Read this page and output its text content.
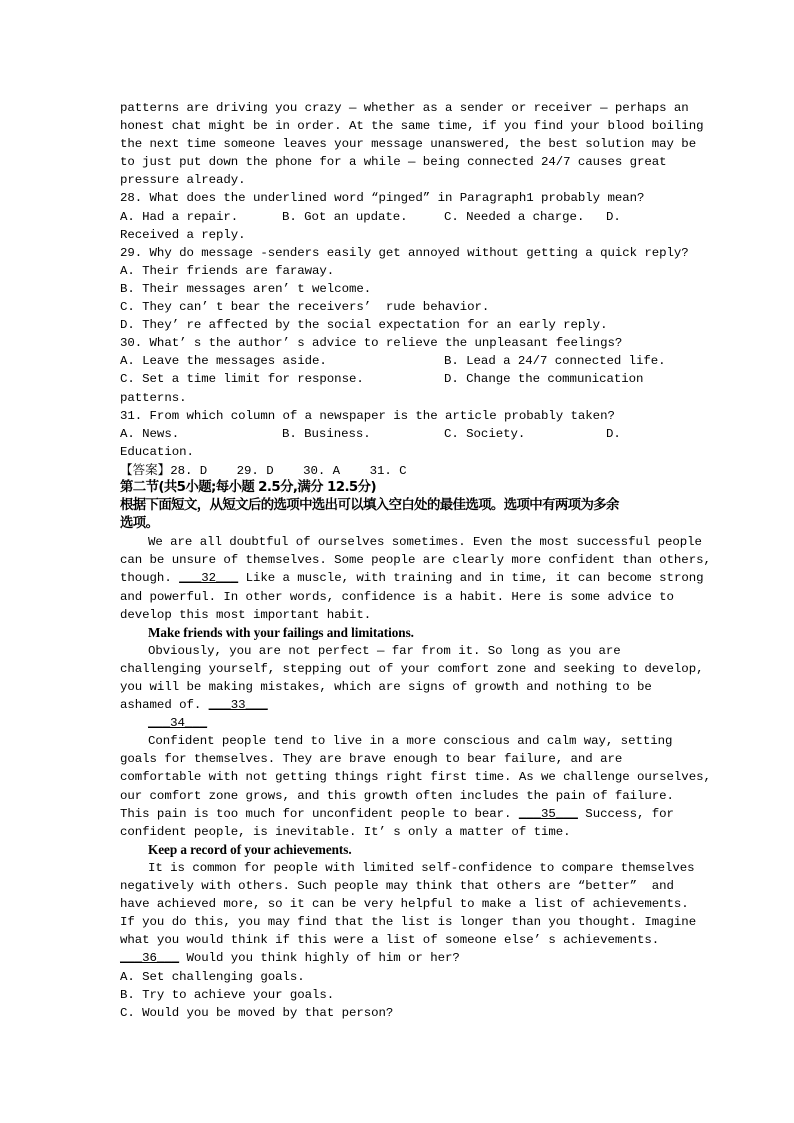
patterns are driving you crazy — whether as a sender or receiver — perhaps an
honest chat might be in order. At the same time, if you find your blood boiling
the next time someone leaves your message unanswered, the best solution may be
to just put down the phone for a while — being connected 24/7 causes great
pressure already.
28. What does the underlined word “pinged” in Paragraph1 probably mean?
A. Had a repair.	B. Got an update.	C. Needed a charge.	D.
Received a reply.
29. Why do message -senders easily get annoyed without getting a quick reply?
A. Their friends are faraway.
B. Their messages aren’ t welcome.
C. They can’ t bear the receivers’  rude behavior.
D. They’ re affected by the social expectation for an early reply.
30. What’ s the author’ s advice to relieve the unpleasant feelings?
A. Leave the messages aside.	B. Lead a 24/7 connected life.
C. Set a time limit for response.	D. Change the communication
patterns.
31. From which column of a newspaper is the article probably taken?
A. News.	B. Business.	C. Society.	D.
Education.
【答案】28. D    29. D    30. A    31. C
第二节(共5小题;每小题 2.5分,满分 12.5分)
根据下面短文，从短文后的选项中选出可以填入空白处的最佳选项。选项中有两项为多余
选项。
We are all doubtful of ourselves sometimes. Even the most successful people
can be unsure of themselves. Some people are clearly more confident than others,
though. ___32___ Like a muscle, with training and in time, it can become strong
and powerful. In other words, confidence is a habit. Here is some advice to
develop this most important habit.
Make friends with your failings and limitations.
Obviously, you are not perfect — far from it. So long as you are
challenging yourself, stepping out of your comfort zone and seeking to develop,
you will be making mistakes, which are signs of growth and nothing to be
ashamed of. ___33___
___34___
Confident people tend to live in a more conscious and calm way, setting
goals for themselves. They are brave enough to bear failure, and are
comfortable with not getting things right first time. As we challenge ourselves,
our comfort zone grows, and this growth often includes the pain of failure.
This pain is too much for unconfident people to bear. ___35___ Success, for
confident people, is inevitable. It’ s only a matter of time.
Keep a record of your achievements.
It is common for people with limited self-confidence to compare themselves
negatively with others. Such people may think that others are “better”  and
have achieved more, so it can be very helpful to make a list of achievements.
If you do this, you may find that the list is longer than you thought. Imagine
what you would think if this were a list of someone else’ s achievements.
___36___ Would you think highly of him or her?
A. Set challenging goals.
B. Try to achieve your goals.
C. Would you be moved by that person?
